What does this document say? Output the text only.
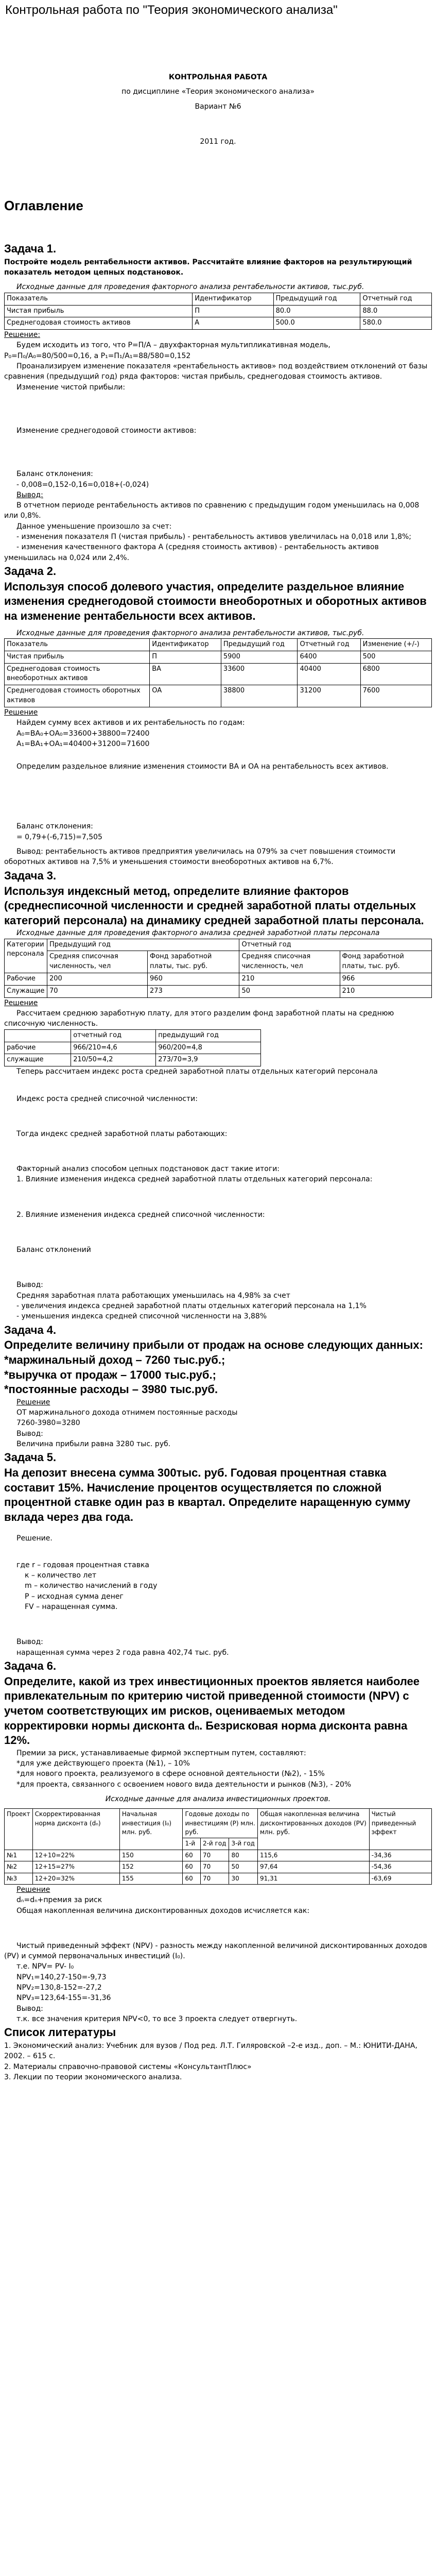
Контрольная работа по "Теория экономического анализа"

КОНТРОЛЬНАЯ РАБОТА

по дисциплине «Теория экономического анализа»

Вариант №6

2011 год.

Оглавление
Задача 1.

Постройте модель рентабельности активов. Рассчитайте влияние факторов на результирующий показатель методом цепных подстановок.

Исходные данные для проведения факторного анализа рентабельности активов, тыс.руб.

Показатель	Идентификатор	Предыдущий год	Отчетный год
Чистая прибыль	П	80.0	88.0
Среднегодовая стоимость активов	А	500.0	580.0

Решение:

Будем исходить из того, что P=П/А – двухфакторная мультипликативная модель,

P₀=П₀/А₀=80/500=0,16, a P₁=П₁/A₁=88/580=0,152

Проанализируем изменение показателя «рентабельность активов» под воздействием отклонений от базы сравнения (предыдущий год) ряда факторов: чистая прибыль, среднегодовая стоимость активов.

Изменение чистой прибыли:

Изменение среднегодовой стоимости активов:

Баланс отклонения:

- 0,008=0,152-0,16=0,018+(-0,024)

Вывод:

В отчетном периоде рентабельность активов по сравнению с предыдущим годом уменьшилась на 0,008 или 0,8%.

Данное уменьшение произошло за счет:

- изменения показателя П (чистая прибыль) - рентабельность активов увеличилась на 0,018 или 1,8%;

- изменения качественного фактора А (средняя стоимость активов) - рентабельность активов уменьшилась на 0,024 или 2,4%.

Задача 2.
Используя способ долевого участия, определите раздельное влияние изменения среднегодовой стоимости внеоборотных и оборотных активов на изменение рентабельности всех активов.

Исходные данные для проведения факторного анализа рентабельности активов, тыс.руб.

Показатель	Идентификатор	Предыдущий год	Отчетный год	Изменение (+/-)
Чистая прибыль	П	5900	6400	500
Среднегодовая стоимость внеоборотных активов	ВА	33600	40400	6800
Среднегодовая стоимость оборотных активов	ОА	38800	31200	7600

Решение

Найдем сумму всех активов и их рентабельность по годам:

А₀=ВА₀+ОА₀=33600+38800=72400

А₁=ВА₁+ОА₁=40400+31200=71600

Определим раздельное влияние изменения стоимости ВА и ОА на рентабельность всех активов.

Баланс отклонения:

= 0,79+(-6,715)=7,505

Вывод: рентабельность активов предприятия увеличилась на 079% за счет повышения стоимости оборотных активов на 7,5% и уменьшения стоимости внеоборотных активов на 6,7%.

Задача 3.
Используя индексный метод, определите влияние факторов (среднесписочной численности и средней заработной платы отдельных категорий персонала) на динамику средней заработной платы персонала.

Исходные данные для проведения факторного анализа средней заработной платы персонала

Категории персонала	Предыдущий год		Отчетный год	
	Средняя списочная численность, чел	Фонд заработной платы, тыс. руб.	Средняя списочная численность, чел	Фонд заработной платы, тыс. руб.
Рабочие	200	960	210	966
Служащие	70	273	50	210

Решение

Рассчитаем среднюю заработную плату, для этого разделим фонд заработной платы на среднюю списочную численность.

	отчетный год	предыдущий год
рабочие	966/210=4,6	960/200=4,8
служащие	210/50=4,2	273/70=3,9

Теперь рассчитаем индекс роста средней заработной платы отдельных категорий персонала

Индекс роста средней списочной численности:

Тогда индекс средней заработной платы работающих:

Факторный анализ способом цепных подстановок даст такие итоги:

1. Влияние изменения индекса средней заработной платы отдельных категорий персонала:

2. Влияние изменения индекса средней списочной численности:

Баланс отклонений

Вывод:

Средняя заработная плата работающих уменьшилась на 4,98% за счет

- увеличения индекса средней заработной платы отдельных категорий персонала на 1,1%

- уменьшения индекса средней списочной численности на 3,88%

Задача 4.
Определите величину прибыли от продаж на основе следующих данных:
*маржинальный доход – 7260 тыс.руб.;
*выручка от продаж – 17000 тыс.руб.;
*постоянные расходы – 3980 тыс.руб.

Решение

ОТ маржинального дохода отнимем постоянные расходы

7260-3980=3280

Вывод:

Величина прибыли равна 3280 тыс. руб.

Задача 5.
На депозит внесена сумма 300тыс. руб. Годовая процентная ставка составит 15%. Начисление процентов осуществляется по сложной процентной ставке один раз в квартал. Определите наращенную сумму вклада через два года.

Решение.

где r – годовая процентная ставка

к – количество лет

m – количество начислений в году

P – исходная сумма денег

FV – наращенная сумма.

Вывод:

наращенная сумма через 2 года равна 402,74 тыс. руб.

Задача 6.
Определите, какой из трех инвестиционных проектов является наиболее привлекательным по критерию чистой приведенной стоимости (NPV) с учетом соответствующих им рисков, оцениваемых методом корректировки нормы дисконта dₙ. Безрисковая норма дисконта равна 12%.

Премии за риск, устанавливаемые фирмой экспертным путем, составляют:

*для уже действующего проекта (№1), – 10%

*для нового проекта, реализуемого в сфере основной деятельности (№2), - 15%

*для проекта, связанного с освоением нового вида деятельности и рынков (№3), - 20%

Исходные данные для анализа инвестиционных проектов.

Проект	Скорректированная норма дисконта (dₙ)	Начальная инвестиция (I₀) млн. руб.	Годовые доходы по инвестициям (Р) млн. руб.			Общая накопленная величина дисконтированных доходов (PV) млн. руб.	Чистый приведенный эффект
			1-й	2-й год	3-й год		
№1	12+10=22%	150	60	70	80	115,6	-34,36
№2	12+15=27%	152	60	70	50	97,64	-54,36
№3	12+20=32%	155	60	70	30	91,31	-63,69

Решение

dₙ=dₙ+премия за риск

Общая накопленная величина дисконтированных доходов исчисляется как:

Чистый приведенный эффект (NPV) - разность между накопленной величиной дисконтированных доходов (PV) и суммой первоначальных инвестиций (I₀).

т.е. NPV= PV- I₀

NPV₁=140,27-150=-9,73

NPV₂=130,8-152=-27,2

NPV₃=123,64-155=-31,36

Вывод:

т.к. все значения критерия NPV<0, то все 3 проекта следует отвергнуть.

Список литературы

1. Экономический анализ: Учебник для вузов / Под ред. Л.Т. Гиляровской –2-е изд., доп. – М.: ЮНИТИ-ДАНА, 2002. – 615 с.

2. Материалы справочно-правовой системы «КонсультантПлюс»

3. Лекции по теории экономического анализа.
